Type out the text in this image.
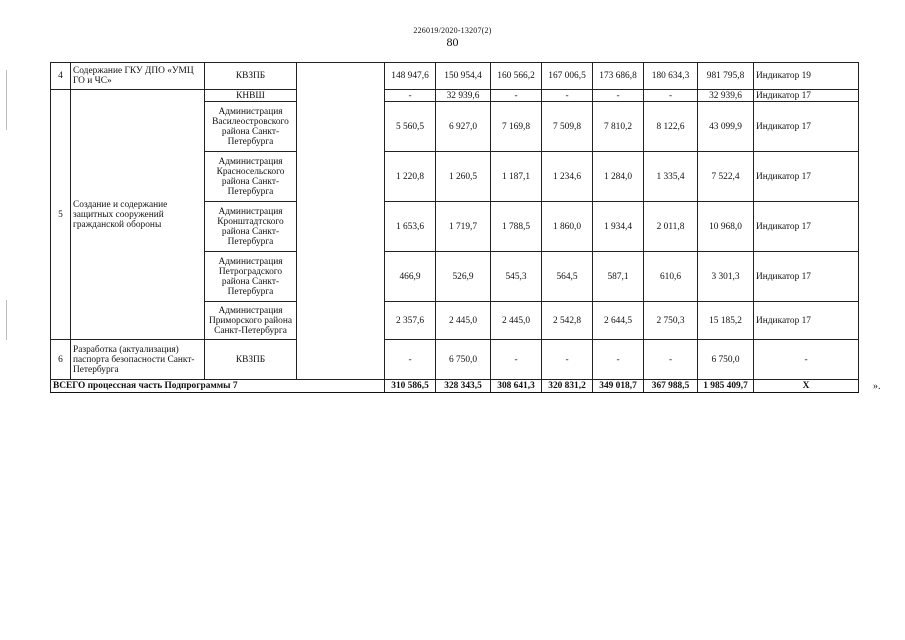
226019/2020-13207(2)
80
4	Содержание ГКУ ДПО «УМЦ ГО и ЧС»	КВЗПБ		148 947,6	150 954,4	160 566,2	167 006,5	173 686,8	180 634,3	981 795,8	Индикатор 19
5	Создание и содержание защитных сооружений гражданской обороны	КНВШ		-	32 939,6	-	-	-	-	32 939,6	Индикатор 17
		Администрация Василеостровского района Санкт-Петербурга		5 560,5	6 927,0	7 169,8	7 509,8	7 810,2	8 122,6	43 099,9	Индикатор 17
		Администрация Красносельского района Санкт-Петербурга		1 220,8	1 260,5	1 187,1	1 234,6	1 284,0	1 335,4	7 522,4	Индикатор 17
		Администрация Кронштадтского района Санкт-Петербурга		1 653,6	1 719,7	1 788,5	1 860,0	1 934,4	2 011,8	10 968,0	Индикатор 17
		Администрация Петроградского района Санкт-Петербурга		466,9	526,9	545,3	564,5	587,1	610,6	3 301,3	Индикатор 17
		Администрация Приморского района Санкт-Петербурга		2 357,6	2 445,0	2 445,0	2 542,8	2 644,5	2 750,3	15 185,2	Индикатор 17
6	Разработка (актуализация) паспорта безопасности Санкт-Петербурга	КВЗПБ		-	6 750,0	-	-	-	-	6 750,0	-
ВСЕГО процессная часть Подпрограммы 7				310 586,5	328 343,5	308 641,3	320 831,2	349 018,7	367 988,5	1 985 409,7	X	».
